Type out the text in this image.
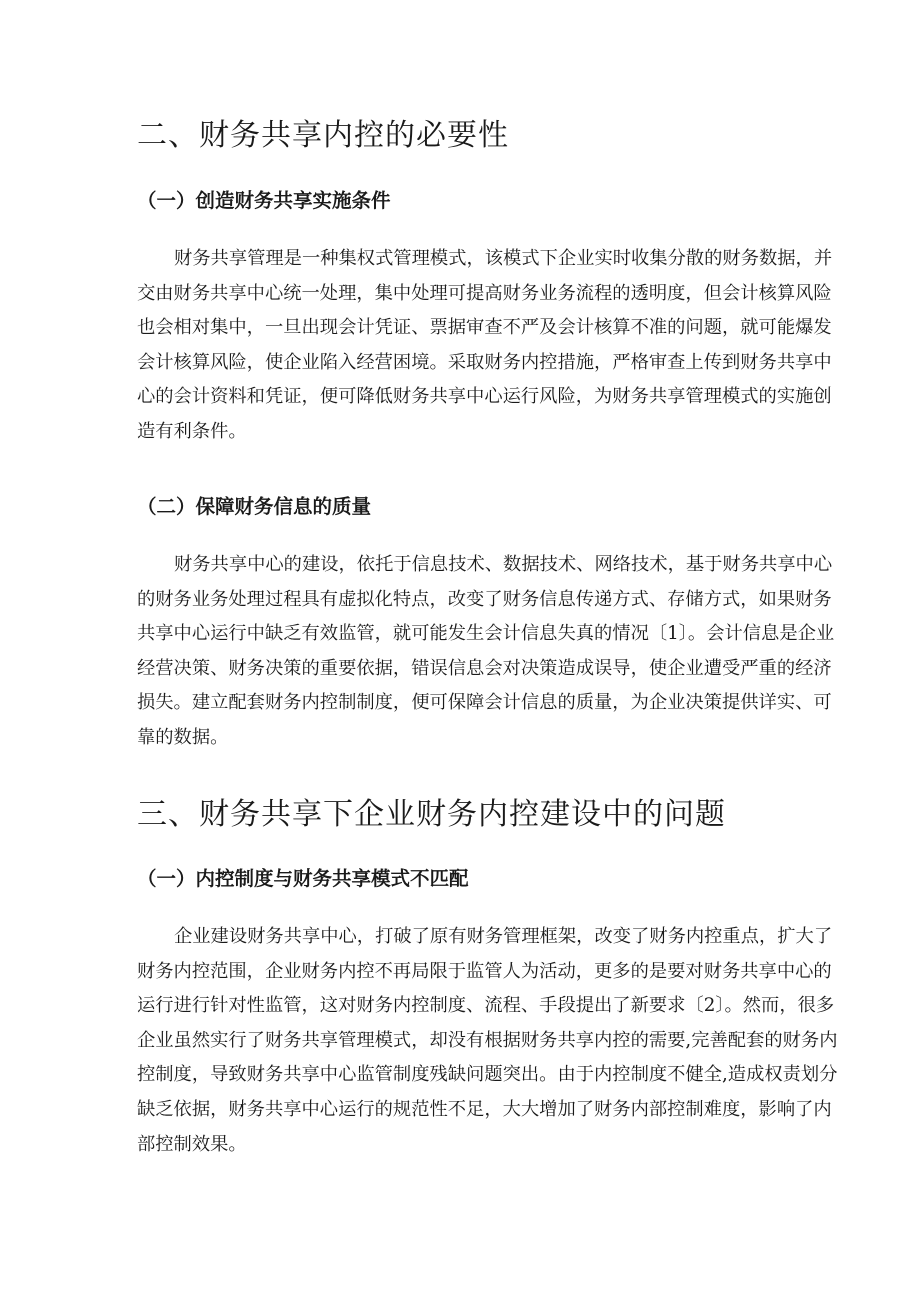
二、财务共享内控的必要性
（一）创造财务共享实施条件
财务共享管理是一种集权式管理模式，该模式下企业实时收集分散的财务数据，并
交由财务共享中心统一处理，集中处理可提高财务业务流程的透明度，但会计核算风险
也会相对集中，一旦出现会计凭证、票据审查不严及会计核算不准的问题，就可能爆发
会计核算风险，使企业陷入经营困境。采取财务内控措施，严格审查上传到财务共享中
心的会计资料和凭证，便可降低财务共享中心运行风险，为财务共享管理模式的实施创
造有利条件。
（二）保障财务信息的质量
财务共享中心的建设，依托于信息技术、数据技术、网络技术，基于财务共享中心
的财务业务处理过程具有虚拟化特点，改变了财务信息传递方式、存储方式，如果财务
共享中心运行中缺乏有效监管，就可能发生会计信息失真的情况〔1〕。会计信息是企业
经营决策、财务决策的重要依据，错误信息会对决策造成误导，使企业遭受严重的经济
损失。建立配套财务内控制制度，便可保障会计信息的质量，为企业决策提供详实、可
靠的数据。
三、财务共享下企业财务内控建设中的问题
（一）内控制度与财务共享模式不匹配
企业建设财务共享中心，打破了原有财务管理框架，改变了财务内控重点，扩大了
财务内控范围，企业财务内控不再局限于监管人为活动，更多的是要对财务共享中心的
运行进行针对性监管，这对财务内控制度、流程、手段提出了新要求〔2〕。然而，很多
企业虽然实行了财务共享管理模式，却没有根据财务共享内控的需要,完善配套的财务内
控制度，导致财务共享中心监管制度残缺问题突出。由于内控制度不健全,造成权责划分
缺乏依据，财务共享中心运行的规范性不足，大大增加了财务内部控制难度，影响了内
部控制效果。
